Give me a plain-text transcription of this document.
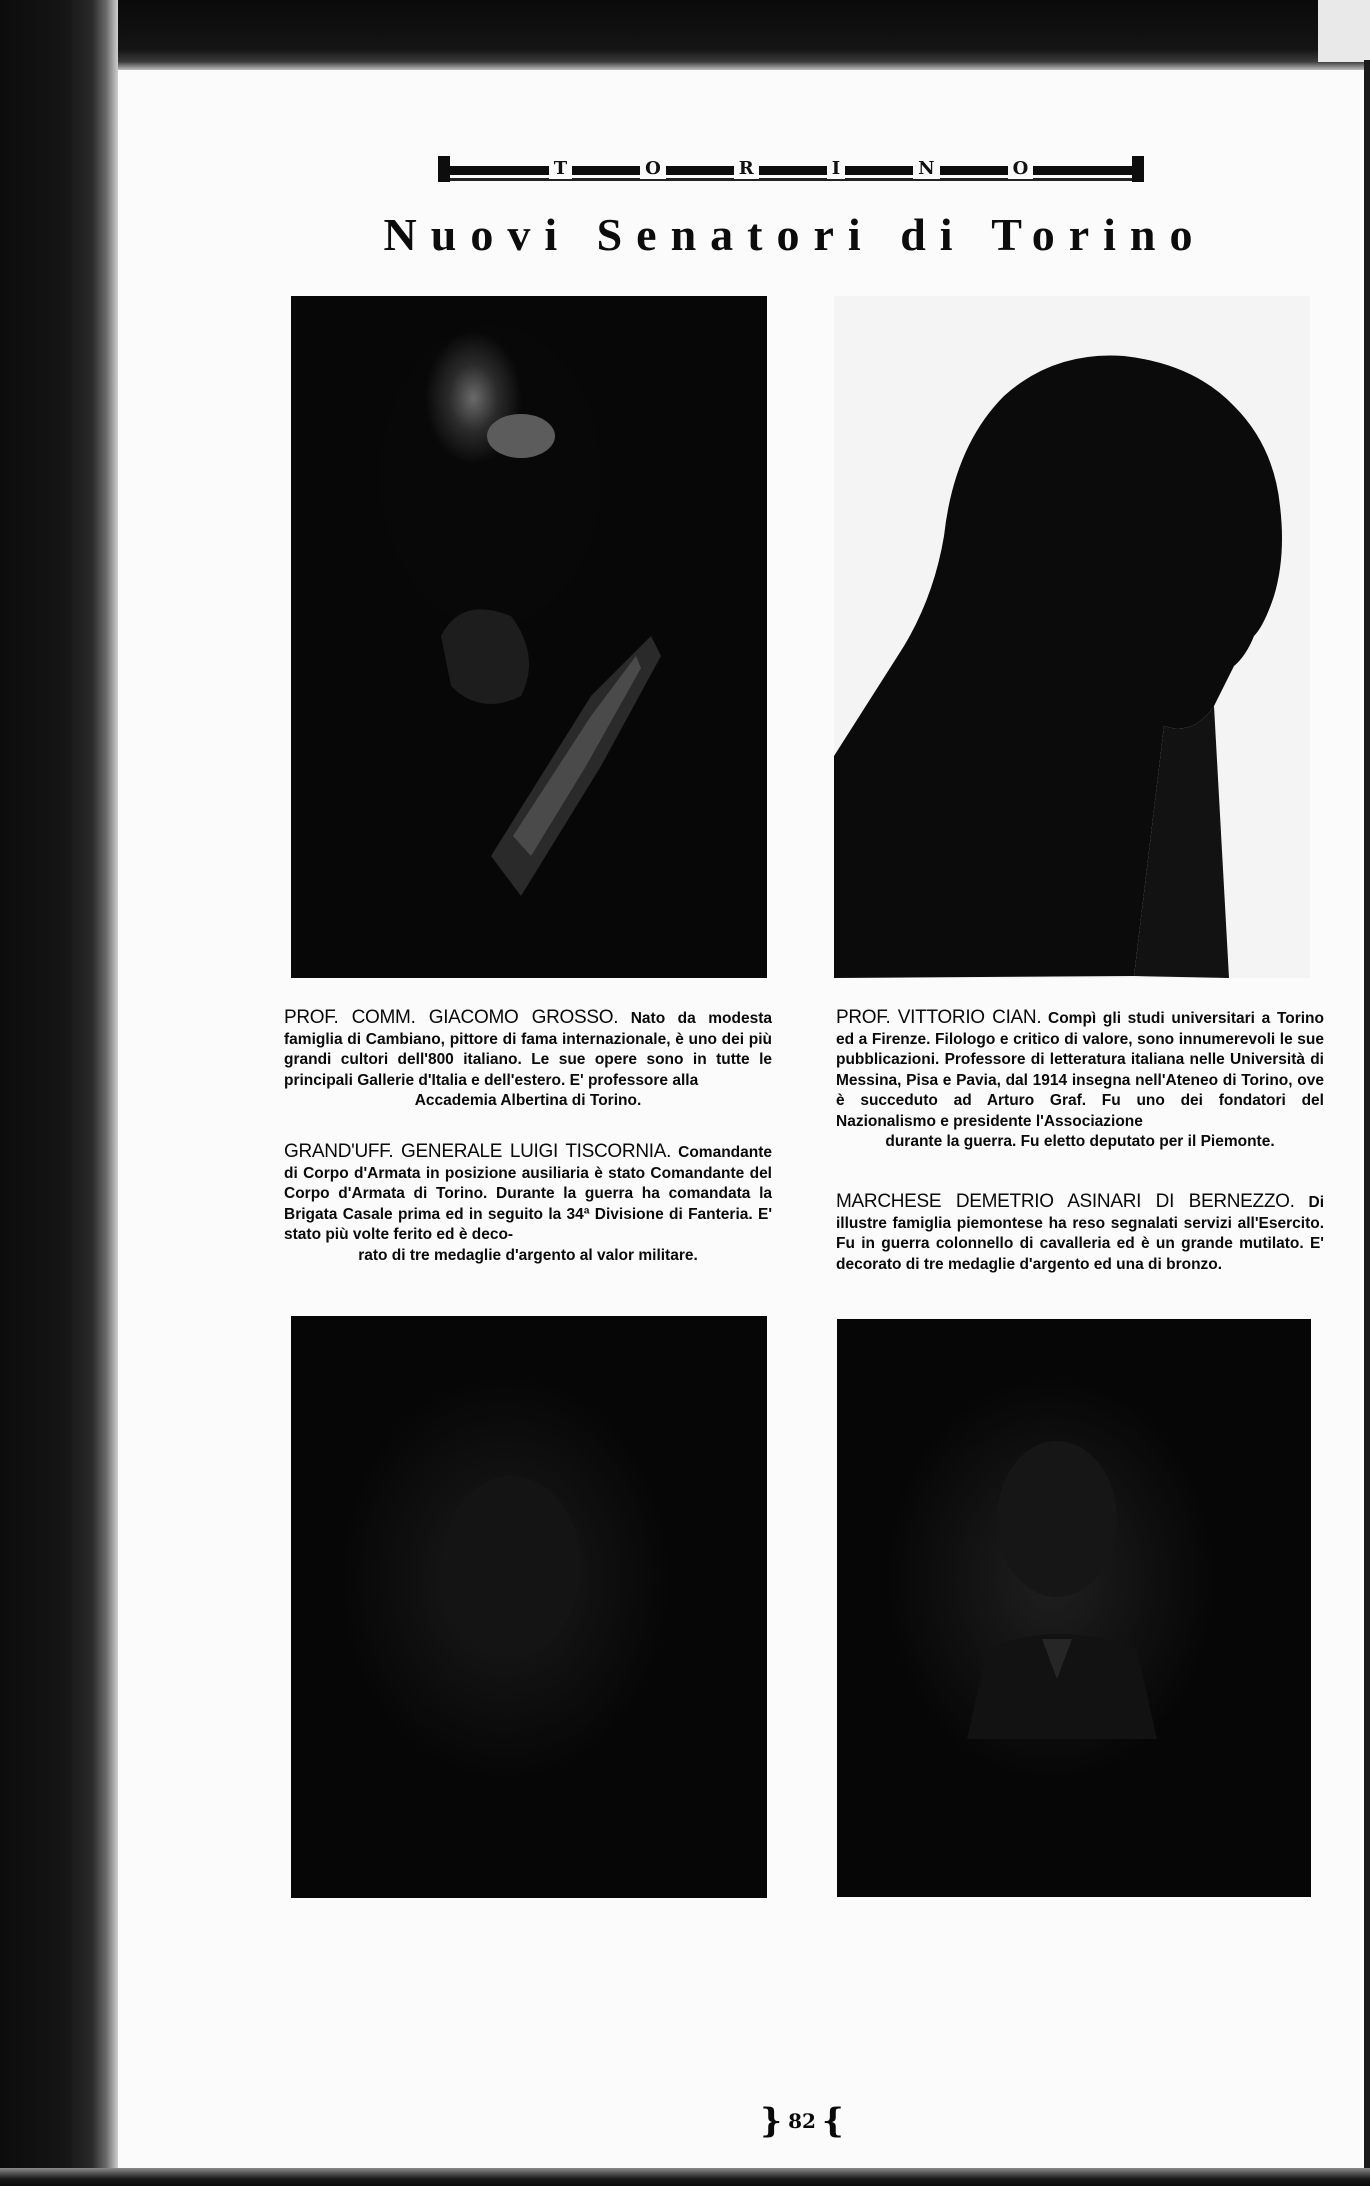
T	O	R	I	N	O
Nuovi Senatori di Torino
PROF. COMM. GIACOMO GROSSO. Nato da modesta famiglia di Cambiano, pittore di fama internazionale, è uno dei più grandi cultori dell'800 italiano. Le sue opere sono in tutte le principali Gallerie d'Italia e dell'estero. E' professore alla
Accademia Albertina di Torino.
GRAND'UFF. GENERALE LUIGI TISCORNIA. Comandante di Corpo d'Armata in posizione ausiliaria è stato Comandante del Corpo d'Armata di Torino. Durante la guerra ha comandata la Brigata Casale prima ed in seguito la 34ª Divisione di Fanteria. E' stato più volte ferito ed è deco-
rato di tre medaglie d'argento al valor militare.
PROF. VITTORIO CIAN. Compì gli studi universitari a Torino ed a Firenze. Filologo e critico di valore, sono innumerevoli le sue pubblicazioni. Professore di letteratura italiana nelle Università di Messina, Pisa e Pavia, dal 1914 insegna nell'Ateneo di Torino, ove è succeduto ad Arturo Graf. Fu uno dei fondatori del Nazionalismo e presidente l'Associazione
durante la guerra. Fu eletto deputato per il Piemonte.
MARCHESE DEMETRIO ASINARI DI BERNEZZO. Di illustre famiglia piemontese ha reso segnalati servizi all'Esercito. Fu in guerra colonnello di cavalleria ed è un grande mutilato. E' decorato di tre medaglie d'argento ed una di bronzo.
} 82 {
